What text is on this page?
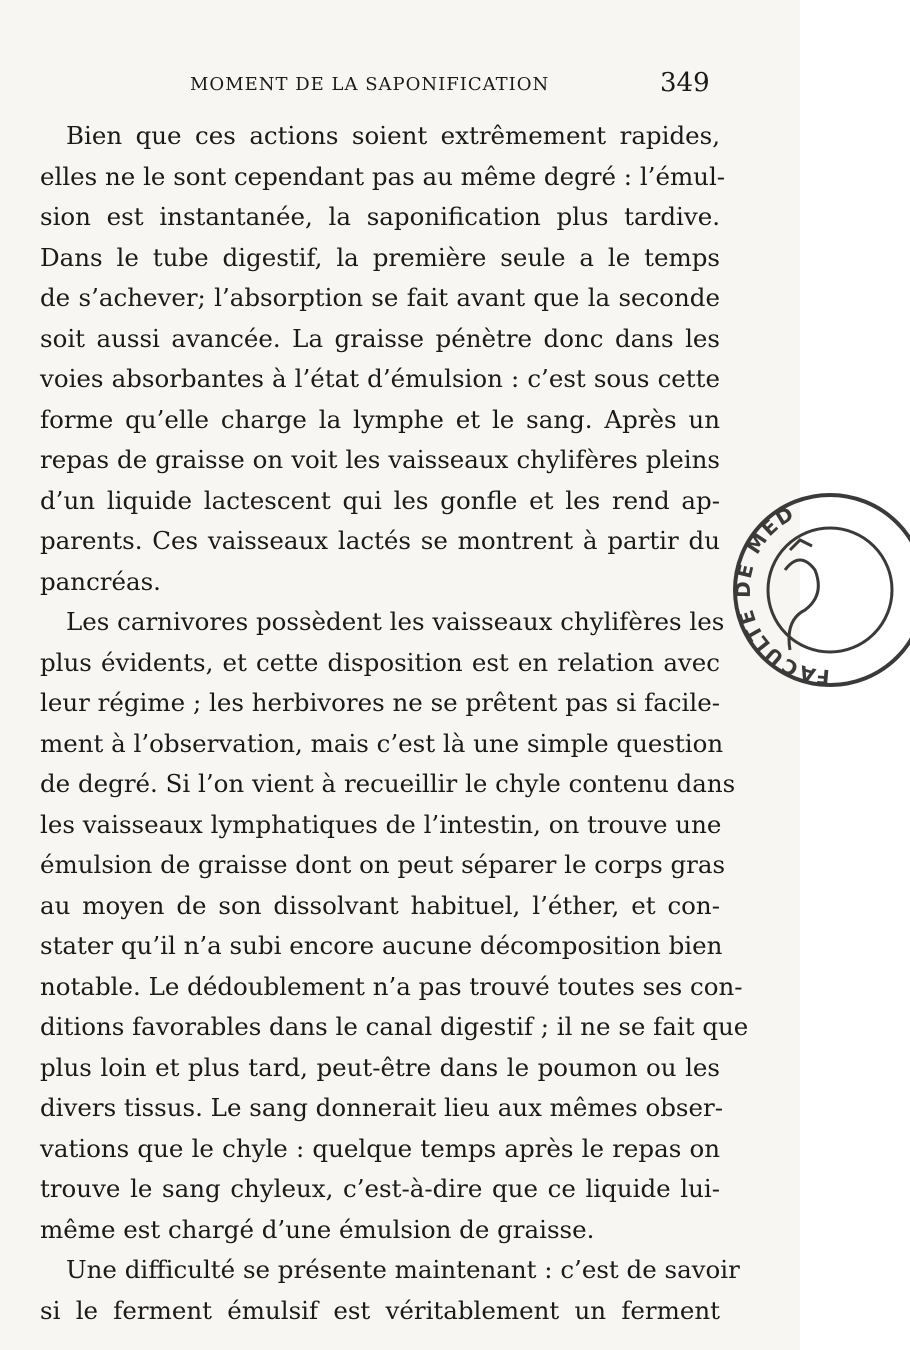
MOMENT DE LA SAPONIFICATION	349
Bien que ces actions soient extrêmement rapides,
elles ne le sont cependant pas au même degré : l’émul-
sion est instantanée, la saponification plus tardive.
Dans le tube digestif, la première seule a le temps
de s’achever; l’absorption se fait avant que la seconde
soit aussi avancée. La graisse pénètre donc dans les
voies absorbantes à l’état d’émulsion : c’est sous cette
forme qu’elle charge la lymphe et le sang. Après un
repas de graisse on voit les vaisseaux chylifères pleins
d’un liquide lactescent qui les gonfle et les rend ap-
parents. Ces vaisseaux lactés se montrent à partir du
pancréas.
Les carnivores possèdent les vaisseaux chylifères les
plus évidents, et cette disposition est en relation avec
leur régime ; les herbivores ne se prêtent pas si facile-
ment à l’observation, mais c’est là une simple question
de degré. Si l’on vient à recueillir le chyle contenu dans
les vaisseaux lymphatiques de l’intestin, on trouve une
émulsion de graisse dont on peut séparer le corps gras
au moyen de son dissolvant habituel, l’éther, et con-
stater qu’il n’a subi encore aucune décomposition bien
notable. Le dédoublement n’a pas trouvé toutes ses con-
ditions favorables dans le canal digestif ; il ne se fait que
plus loin et plus tard, peut-être dans le poumon ou les
divers tissus. Le sang donnerait lieu aux mêmes obser-
vations que le chyle : quelque temps après le repas on
trouve le sang chyleux, c’est-à-dire que ce liquide lui-
même est chargé d’une émulsion de graisse.
Une difficulté se présente maintenant : c’est de savoir
si le ferment émulsif est véritablement un ferment
FACULTE DE MED
